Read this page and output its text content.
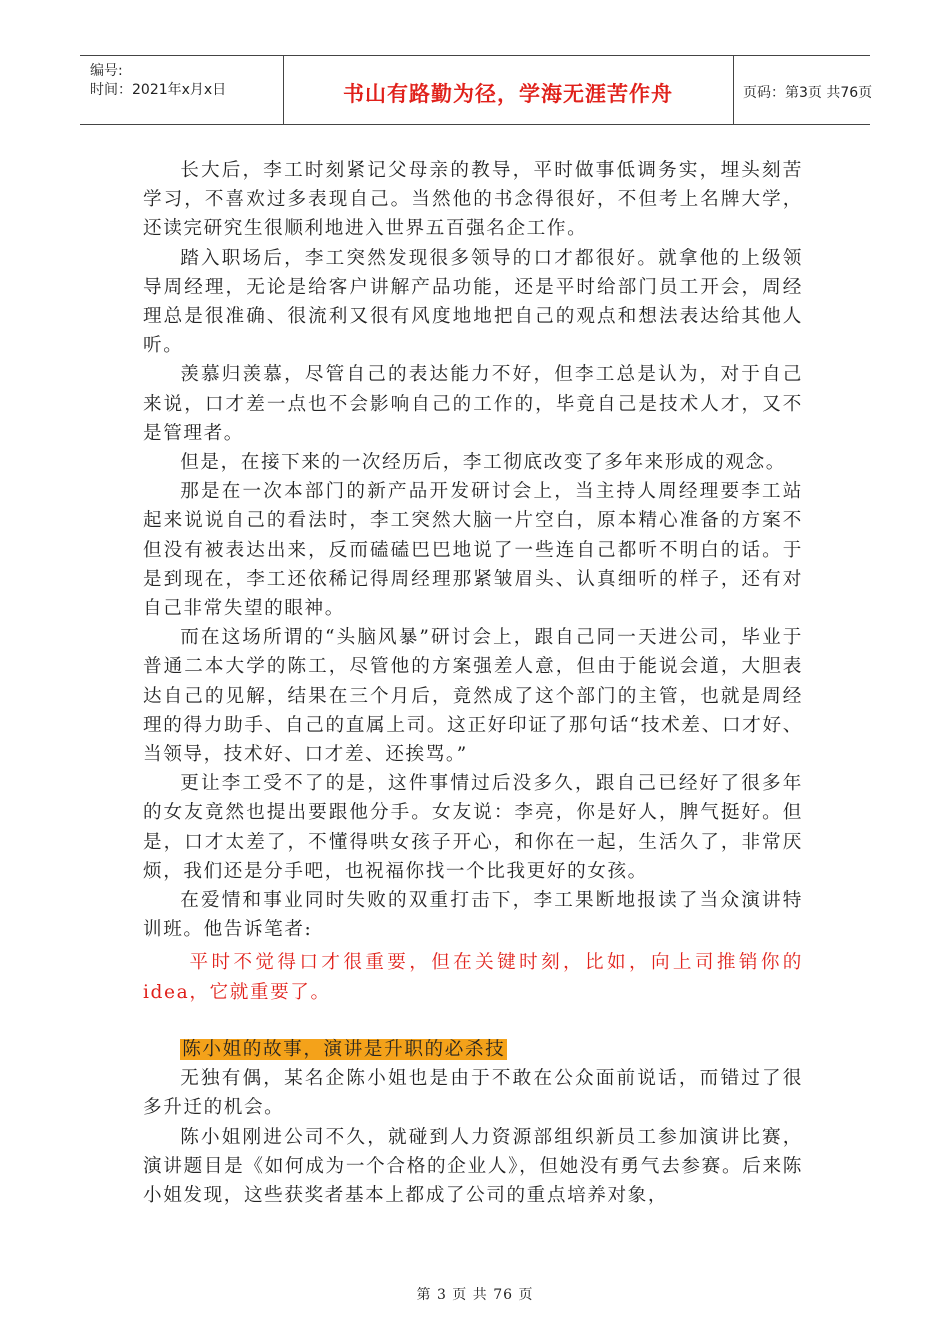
编号:
时间：2021年x月x日	书山有路勤为径，学海无涯苦作舟	页码：第3页 共76页

长大后，李工时刻紧记父母亲的教导，平时做事低调务实，埋头刻苦学习，不喜欢过多表现自己。当然他的书念得很好，不但考上名牌大学，还读完研究生很顺利地进入世界五百强名企工作。

踏入职场后，李工突然发现很多领导的口才都很好。就拿他的上级领导周经理，无论是给客户讲解产品功能，还是平时给部门员工开会，周经理总是很准确、很流利又很有风度地地把自己的观点和想法表达给其他人听。

羡慕归羡慕，尽管自己的表达能力不好，但李工总是认为，对于自己来说，口才差一点也不会影响自己的工作的，毕竟自己是技术人才，又不是管理者。

但是，在接下来的一次经历后，李工彻底改变了多年来形成的观念。

那是在一次本部门的新产品开发研讨会上，当主持人周经理要李工站起来说说自己的看法时，李工突然大脑一片空白，原本精心准备的方案不但没有被表达出来，反而磕磕巴巴地说了一些连自己都听不明白的话。于是到现在，李工还依稀记得周经理那紧皱眉头、认真细听的样子，还有对自己非常失望的眼神。

而在这场所谓的“头脑风暴”研讨会上，跟自己同一天进公司，毕业于普通二本大学的陈工，尽管他的方案强差人意，但由于能说会道，大胆表达自己的见解，结果在三个月后，竟然成了这个部门的主管，也就是周经理的得力助手、自己的直属上司。这正好印证了那句话“技术差、口才好、当领导，技术好、口才差、还挨骂。”

更让李工受不了的是，这件事情过后没多久，跟自己已经好了很多年的女友竟然也提出要跟他分手。女友说：李亮，你是好人，脾气挺好。但是，口才太差了，不懂得哄女孩子开心，和你在一起，生活久了，非常厌烦，我们还是分手吧，也祝福你找一个比我更好的女孩。

在爱情和事业同时失败的双重打击下，李工果断地报读了当众演讲特训班。他告诉笔者:

平时不觉得口才很重要，但在关键时刻，比如，向上司推销你的idea，它就重要了。

陈小姐的故事，演讲是升职的必杀技

无独有偶，某名企陈小姐也是由于不敢在公众面前说话，而错过了很多升迁的机会。

陈小姐刚进公司不久，就碰到人力资源部组织新员工参加演讲比赛，演讲题目是《如何成为一个合格的企业人》，但她没有勇气去参赛。后来陈小姐发现，这些获奖者基本上都成了公司的重点培养对象，

第 3 页 共 76 页
